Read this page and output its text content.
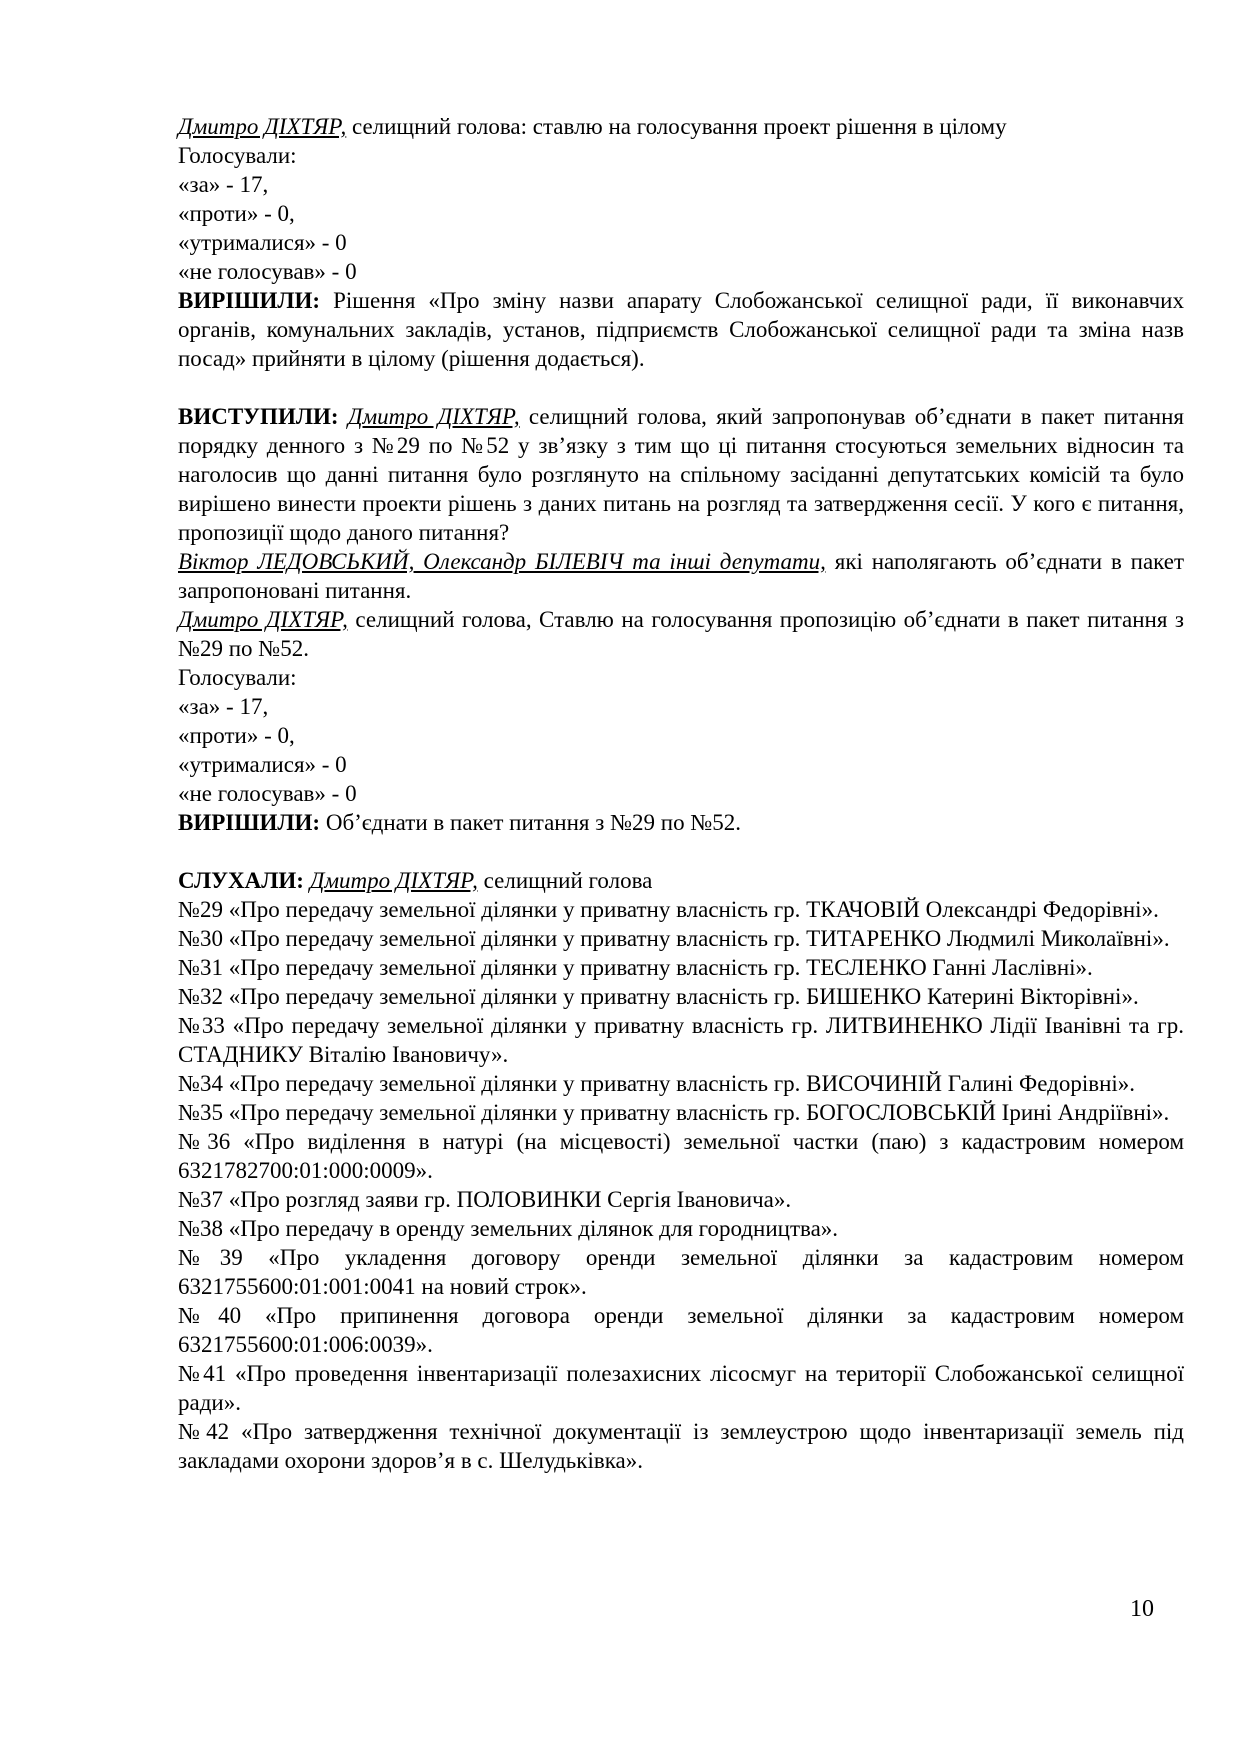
Дмитро ДІХТЯР, селищний голова: ставлю на голосування проект рішення в цілому
Голосували:
«за» - 17,
«проти» - 0,
«утрималися» - 0
«не голосував» - 0
ВИРІШИЛИ: Рішення «Про зміну назви апарату Слобожанської селищної ради, її виконавчих органів, комунальних закладів, установ, підприємств Слобожанської селищної ради та зміна назв посад» прийняти в цілому (рішення додається).
ВИСТУПИЛИ: Дмитро ДІХТЯР, селищний голова, який запропонував об’єднати в пакет питання порядку денного з №29 по №52 у зв’язку з тим що ці питання стосуються земельних відносин та наголосив що данні питання було розглянуто на спільному засіданні депутатських комісій та було вирішено винести проекти рішень з даних питань на розгляд та затвердження сесії. У кого є питання, пропозиції щодо даного питання?
Віктор ЛЕДОВСЬКИЙ, Олександр БІЛЕВІЧ та інші депутати, які наполягають об’єднати в пакет запропоновані питання.
Дмитро ДІХТЯР, селищний голова, Ставлю на голосування пропозицію об’єднати в пакет питання з №29 по №52.
Голосували:
«за» - 17,
«проти» - 0,
«утрималися» - 0
«не голосував» - 0
ВИРІШИЛИ: Об’єднати в пакет питання з №29 по №52.
СЛУХАЛИ: Дмитро ДІХТЯР, селищний голова
№29 «Про передачу земельної ділянки у приватну власність гр. ТКАЧОВІЙ Олександрі Федорівні».
№30 «Про передачу земельної ділянки у приватну власність гр. ТИТАРЕНКО Людмилі Миколаївні».
№31 «Про передачу земельної ділянки у приватну власність гр. ТЕСЛЕНКО Ганні Ласлівні».
№32 «Про передачу земельної ділянки у приватну власність гр. БИШЕНКО Катерині Вікторівні».
№33 «Про передачу земельної ділянки у приватну власність гр. ЛИТВИНЕНКО Лідії Іванівні та гр. СТАДНИКУ Віталію Івановичу».
№34 «Про передачу земельної ділянки у приватну власність гр. ВИСОЧИНІЙ Галині Федорівні».
№35 «Про передачу земельної ділянки у приватну власність гр. БОГОСЛОВСЬКІЙ Ірині Андріївні».
№36 «Про виділення в натурі (на місцевості) земельної частки (паю) з кадастровим номером 6321782700:01:000:0009».
№37 «Про розгляд заяви гр. ПОЛОВИНКИ Сергія Івановича».
№38 «Про передачу в оренду земельних ділянок для городництва».
№39 «Про укладення договору оренди земельної ділянки за кадастровим номером 6321755600:01:001:0041 на новий строк».
№40 «Про припинення договора оренди земельної ділянки за кадастровим номером 6321755600:01:006:0039».
№41 «Про проведення інвентаризації полезахисних лісосмуг на території Слобожанської селищної ради».
№42 «Про затвердження технічної документації із землеустрою щодо інвентаризації земель під закладами охорони здоров’я в с. Шелудьківка».
10
